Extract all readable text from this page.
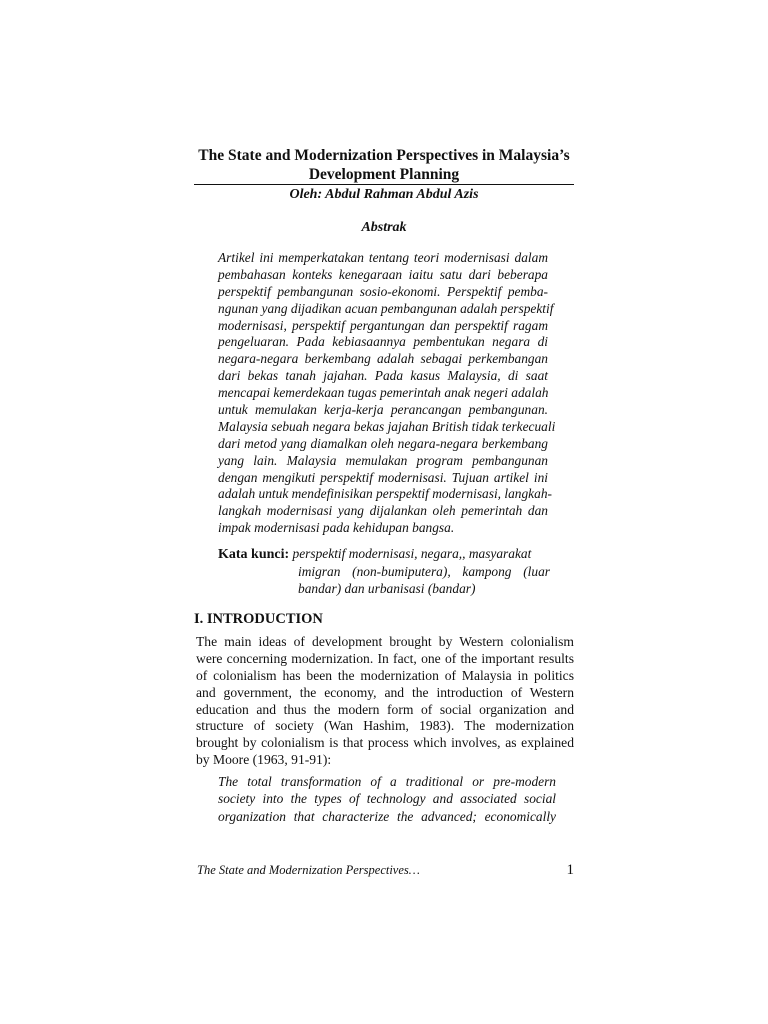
The State and Modernization Perspectives in Malaysia’s
Development Planning
Oleh: Abdul Rahman Abdul Azis
Abstrak
Artikel ini memperkatakan tentang teori modernisasi dalam
pembahasan konteks kenegaraan iaitu satu dari beberapa
perspektif pembangunan sosio-ekonomi. Perspektif pemba-
ngunan yang dijadikan acuan pembangunan adalah perspektif
modernisasi, perspektif pergantungan dan perspektif ragam
pengeluaran. Pada kebiasaannya pembentukan negara di
negara-negara berkembang adalah sebagai perkembangan
dari bekas tanah jajahan. Pada kasus Malaysia, di saat
mencapai kemerdekaan tugas pemerintah anak negeri adalah
untuk memulakan kerja-kerja perancangan pembangunan.
Malaysia sebuah negara bekas jajahan British tidak terkecuali
dari metod yang diamalkan oleh negara-negara berkembang
yang lain. Malaysia memulakan program pembangunan
dengan mengikuti perspektif modernisasi. Tujuan artikel ini
adalah untuk mendefinisikan perspektif modernisasi, langkah-
langkah modernisasi yang dijalankan oleh pemerintah dan
impak modernisasi pada kehidupan bangsa.
Kata kunci: perspektif modernisasi, negara,, masyarakat
imigran (non-bumiputera), kampong (luar
bandar) dan urbanisasi (bandar)
I. INTRODUCTION
The main ideas of development brought by Western colonialism
were concerning modernization. In fact, one of the important results
of colonialism has been the modernization of Malaysia in politics
and government, the economy, and the introduction of Western
education and thus the modern form of social organization and
structure of society (Wan Hashim, 1983). The modernization
brought by colonialism is that process which involves, as explained
by Moore (1963, 91-91):
The total transformation of a traditional or pre-modern
society into the types of technology and associated social
organization that characterize the advanced; economically
The State and Modernization Perspectives…	1
